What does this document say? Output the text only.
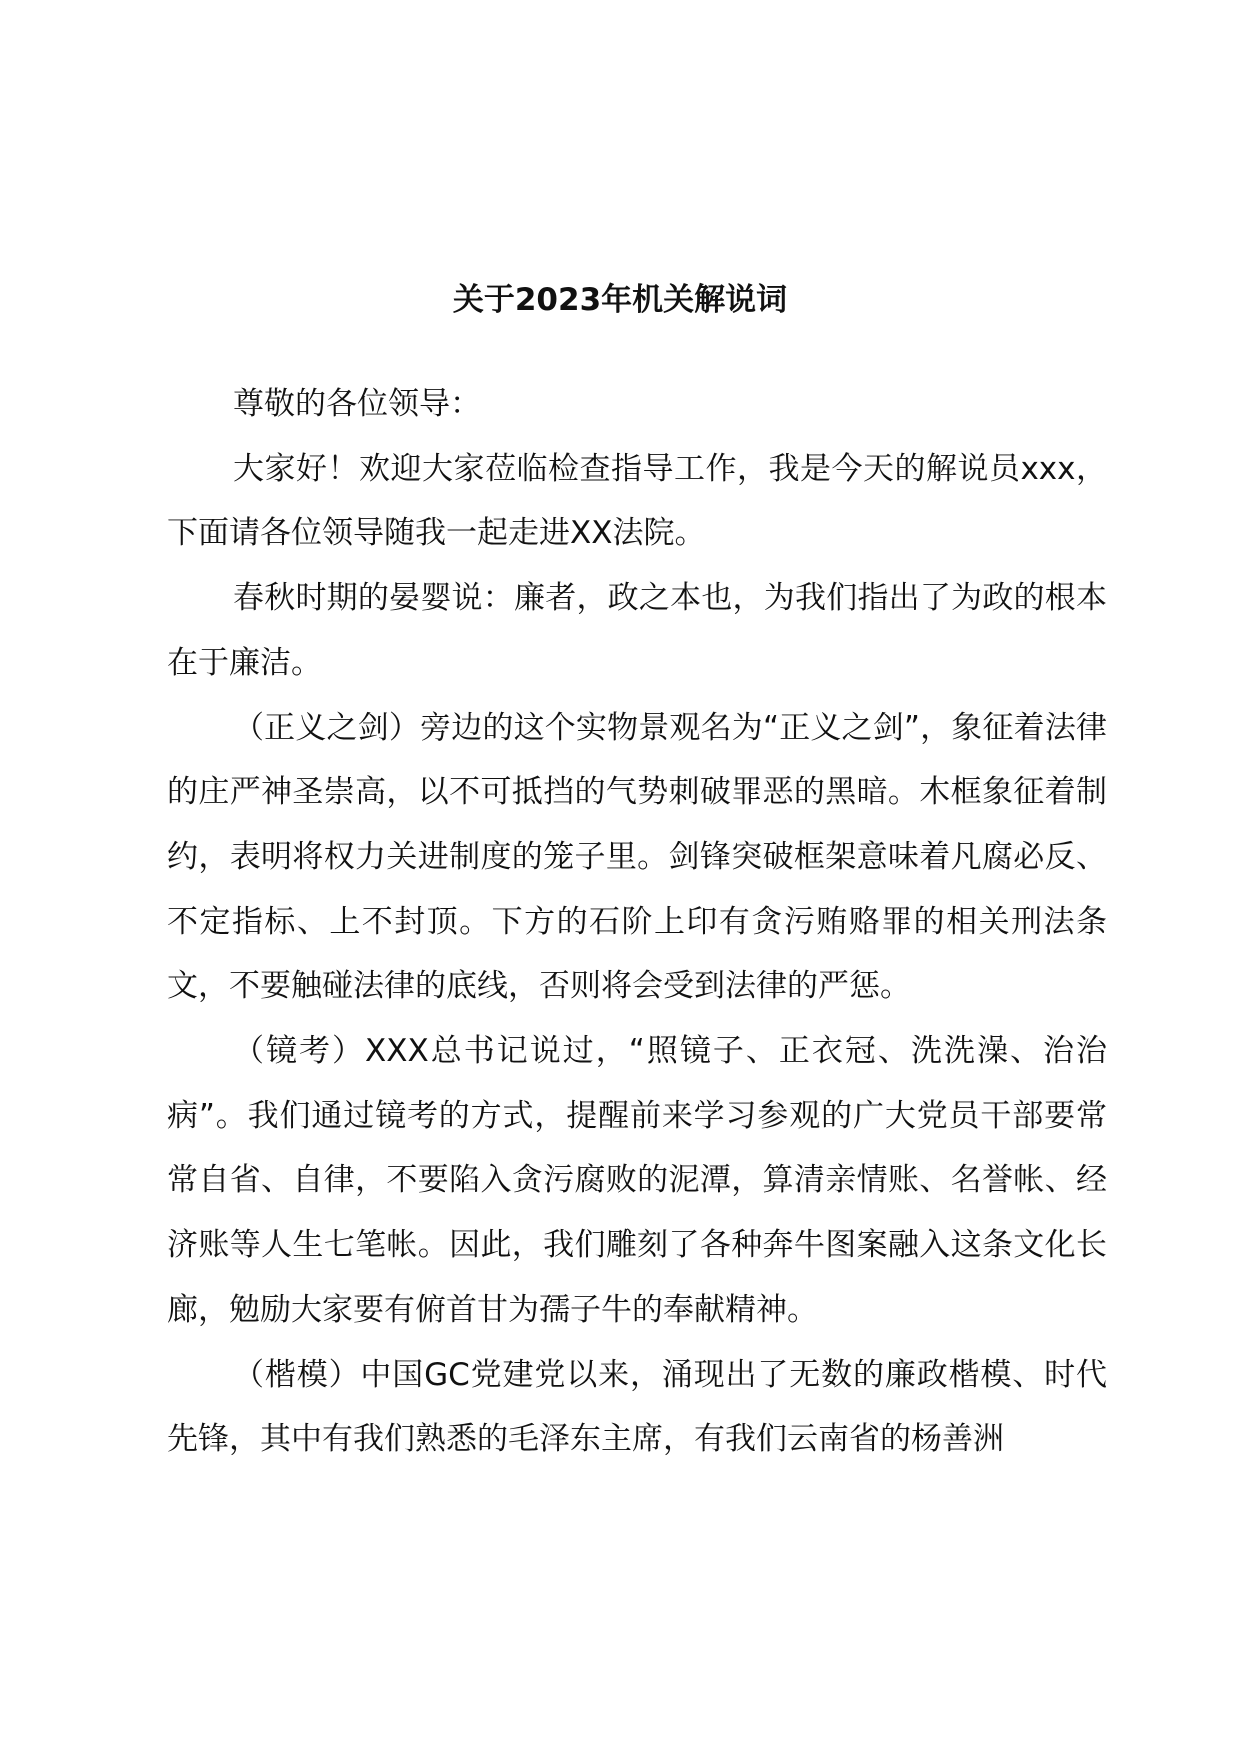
关于2023年机关解说词

尊敬的各位领导：

大家好！欢迎大家莅临检查指导工作，我是今天的解说员xxx，下面请各位领导随我一起走进XX法院。

春秋时期的晏婴说：廉者，政之本也，为我们指出了为政的根本在于廉洁。

（正义之剑）旁边的这个实物景观名为“正义之剑”，象征着法律的庄严神圣崇高，以不可抵挡的气势刺破罪恶的黑暗。木框象征着制约，表明将权力关进制度的笼子里。剑锋突破框架意味着凡腐必反、不定指标、上不封顶。下方的石阶上印有贪污贿赂罪的相关刑法条文，不要触碰法律的底线，否则将会受到法律的严惩。

（镜考）XXX总书记说过，“照镜子、正衣冠、洗洗澡、治治病”。我们通过镜考的方式，提醒前来学习参观的广大党员干部要常常自省、自律，不要陷入贪污腐败的泥潭，算清亲情账、名誉帐、经济账等人生七笔帐。因此，我们雕刻了各种奔牛图案融入这条文化长廊，勉励大家要有俯首甘为孺子牛的奉献精神。

（楷模）中国GC党建党以来，涌现出了无数的廉政楷模、时代先锋，其中有我们熟悉的毛泽东主席，有我们云南省的杨善洲
